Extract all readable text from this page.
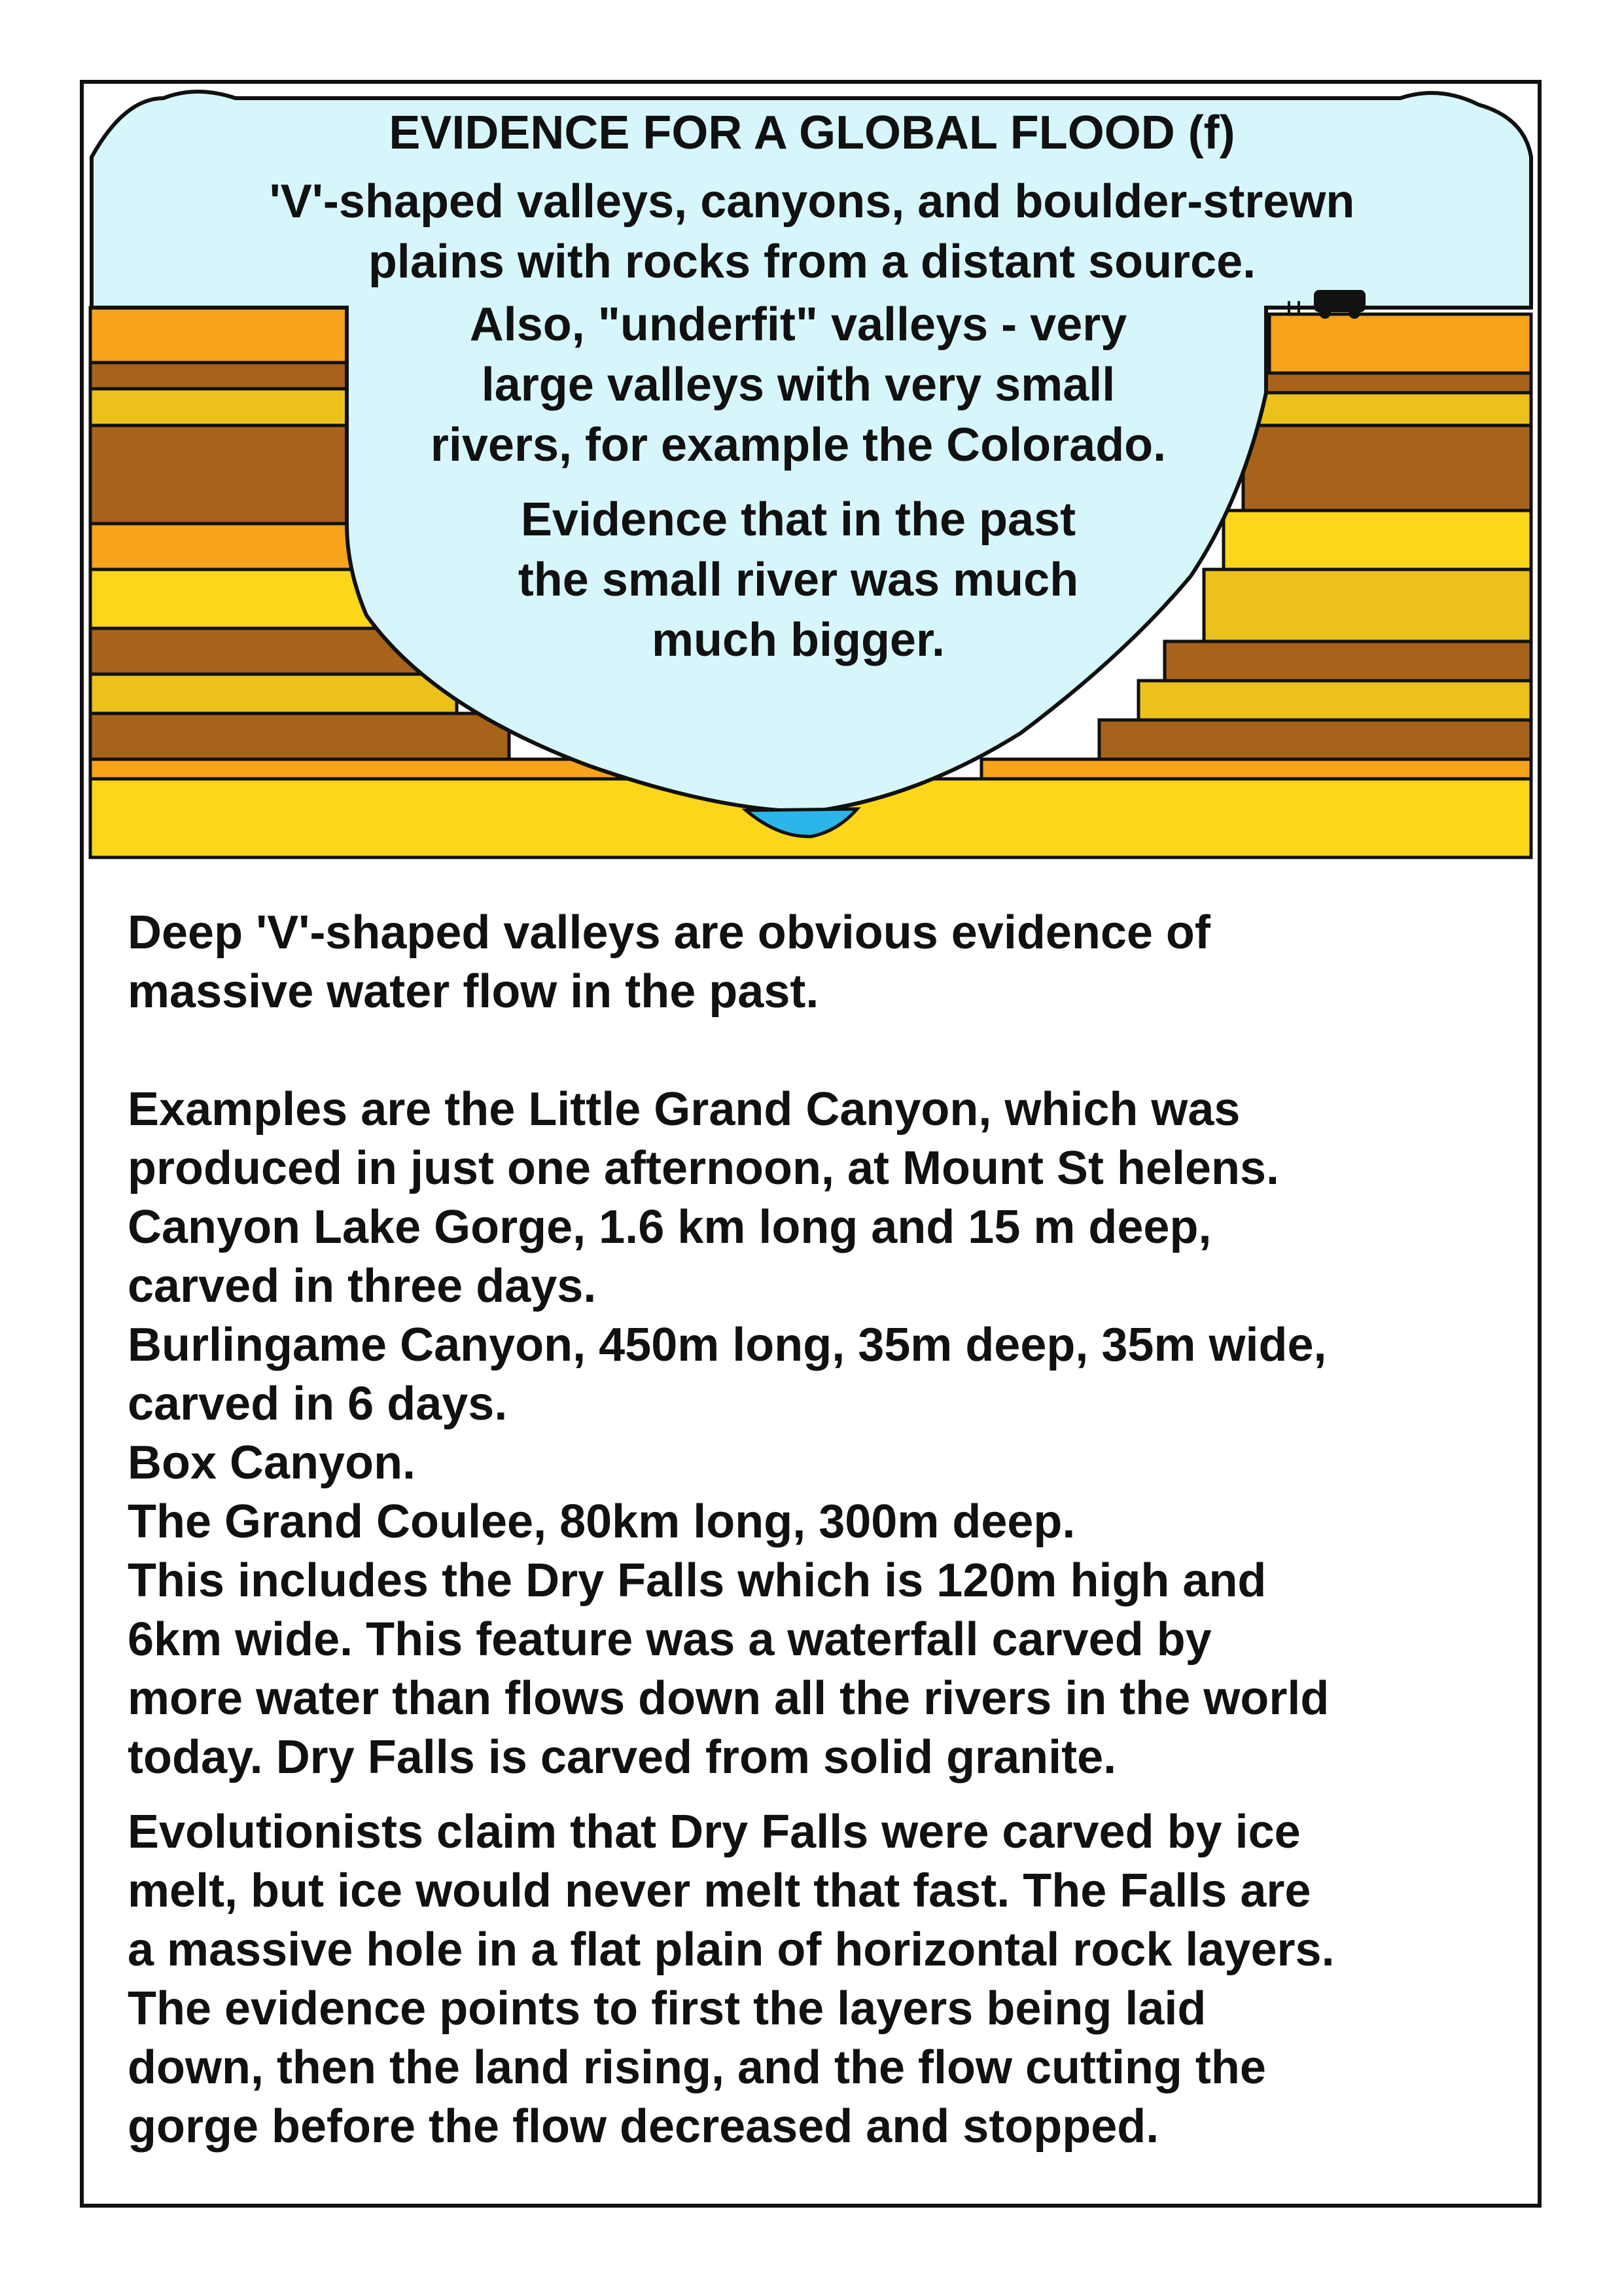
EVIDENCE FOR A GLOBAL FLOOD (f)
'V'-shaped valleys, canyons, and boulder-strewn
plains with rocks from a distant source.
Also, "underfit" valleys - very
large valleys with very small
rivers, for example the Colorado.
Evidence that in the past
the small river was much
much bigger.

Deep 'V'-shaped valleys are obvious evidence of

massive water flow in the past.

Examples are the Little Grand Canyon, which was

produced in just one afternoon, at Mount St helens.

Canyon Lake Gorge, 1.6 km long and 15 m deep,

carved in three days.

Burlingame Canyon, 450m long, 35m deep, 35m wide,

carved in 6 days.

Box Canyon.

The Grand Coulee, 80km long, 300m deep.

This includes the Dry Falls which is 120m high and

6km wide. This feature was a waterfall carved by

more water than flows down all the rivers in the world

today. Dry Falls is carved from solid granite.

Evolutionists claim that Dry Falls were carved by ice

melt, but ice would never melt that fast. The Falls are

a massive hole in a flat plain of horizontal rock layers.

The evidence points to first the layers being laid

down, then the land rising, and the flow cutting the

gorge before the flow decreased and stopped.
